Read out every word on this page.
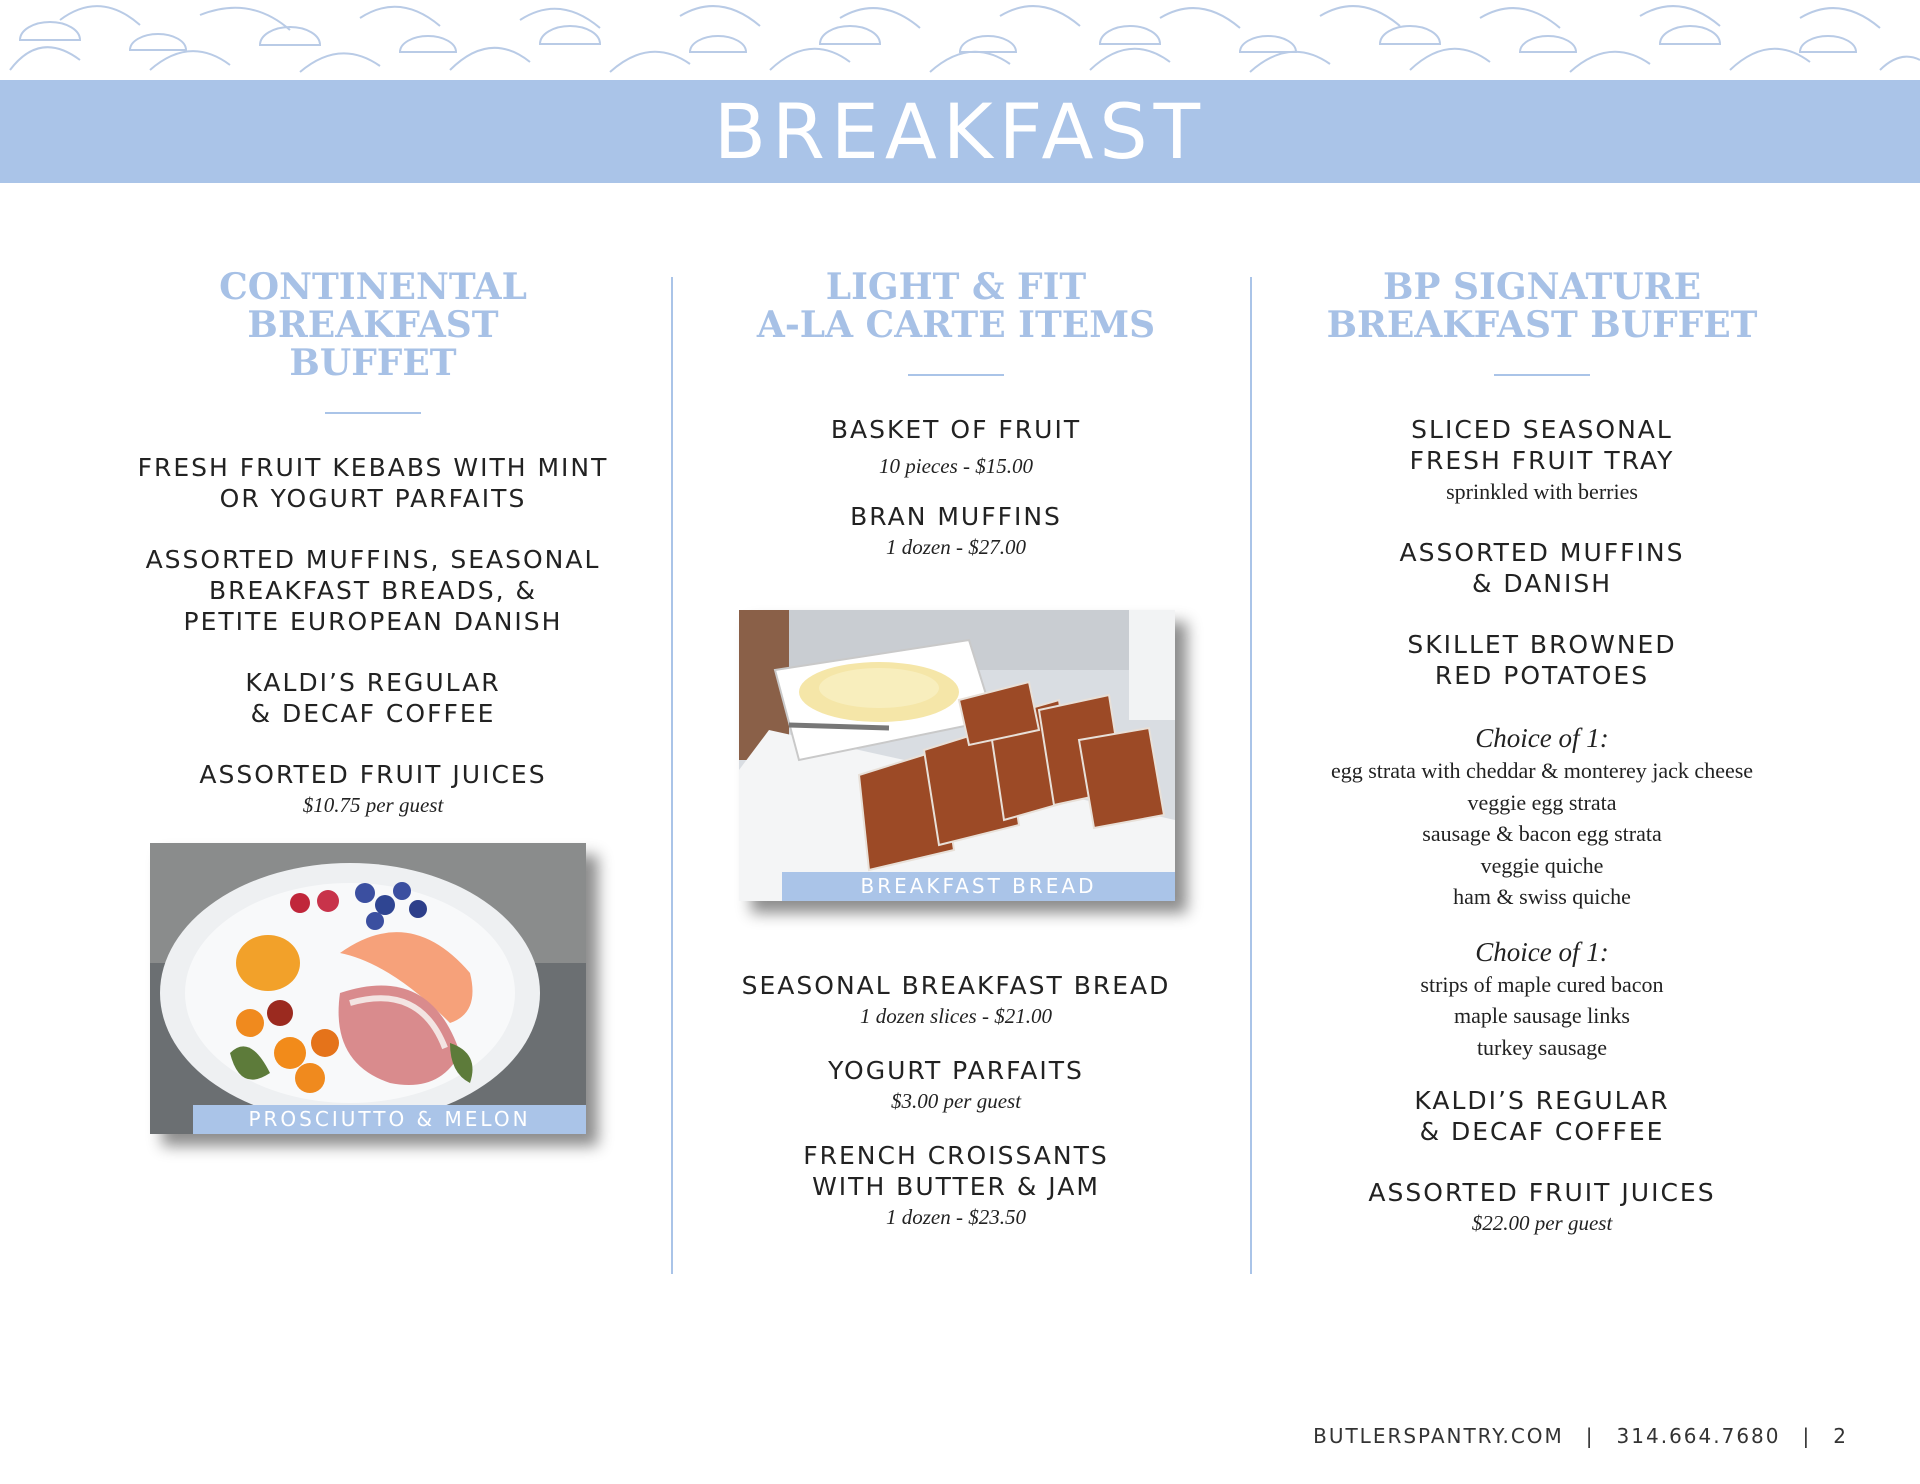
BREAKFAST
CONTINENTAL BREAKFAST
BUFFET
FRESH FRUIT KEBABS WITH MINT
OR YOGURT PARFAITS
ASSORTED MUFFINS, SEASONAL
BREAKFAST BREADS, &
PETITE EUROPEAN DANISH
KALDI’S REGULAR
& DECAF COFFEE
ASSORTED FRUIT JUICES
$10.75 per guest
PROSCIUTTO & MELON
LIGHT & FIT
A-LA CARTE ITEMS
BASKET OF FRUIT
10 pieces - $15.00
BRAN MUFFINS
1 dozen - $27.00
SEASONAL BREAKFAST BREAD
1 dozen slices - $21.00
YOGURT PARFAITS
$3.00 per guest
FRENCH CROISSANTS
WITH BUTTER & JAM
1 dozen - $23.50
BREAKFAST BREAD
BP SIGNATURE
BREAKFAST BUFFET
SLICED SEASONAL
FRESH FRUIT TRAY
sprinkled with berries
ASSORTED MUFFINS
& DANISH
SKILLET BROWNED
RED POTATOES
Choice of 1:
egg strata with cheddar & monterey jack cheese
veggie egg strata
sausage & bacon egg strata
veggie quiche
ham & swiss quiche
Choice of 1:
strips of maple cured bacon
maple sausage links
turkey sausage
KALDI’S REGULAR
& DECAF COFFEE
ASSORTED FRUIT JUICES
$22.00 per guest
BUTLERSPANTRY.COM | 314.664.7680 | 2
